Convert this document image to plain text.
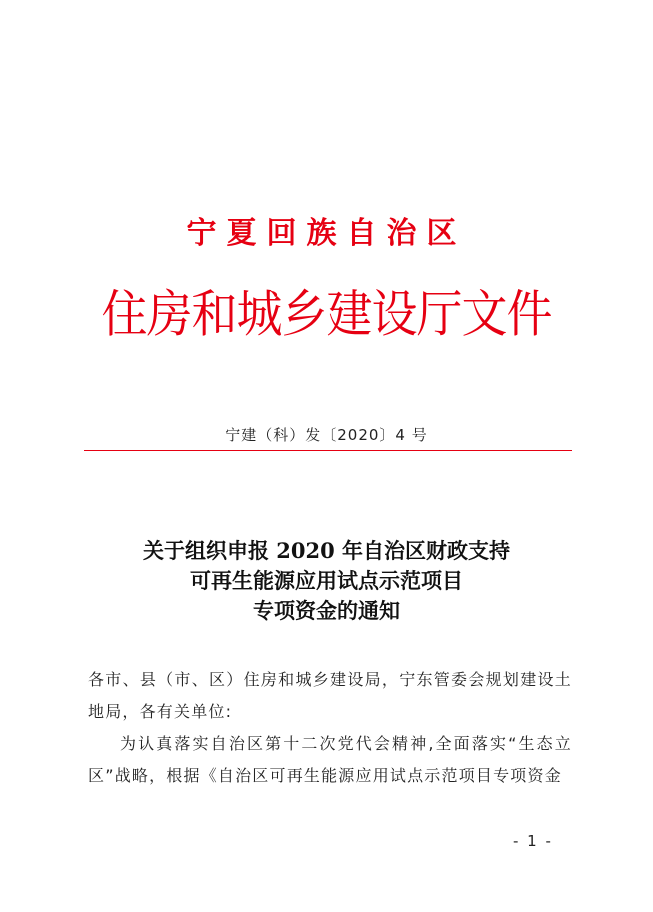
宁夏回族自治区
住房和城乡建设厅文件
宁建（科）发〔2020〕4 号
关于组织申报 2020 年自治区财政支持
可再生能源应用试点示范项目
专项资金的通知

各市、县（市、区）住房和城乡建设局，宁东管委会规划建设土地局，各有关单位:

为认真落实自治区第十二次党代会精神,全面落实“生态立区”战略，根据《自治区可再生能源应用试点示范项目专项资金

- 1 -
